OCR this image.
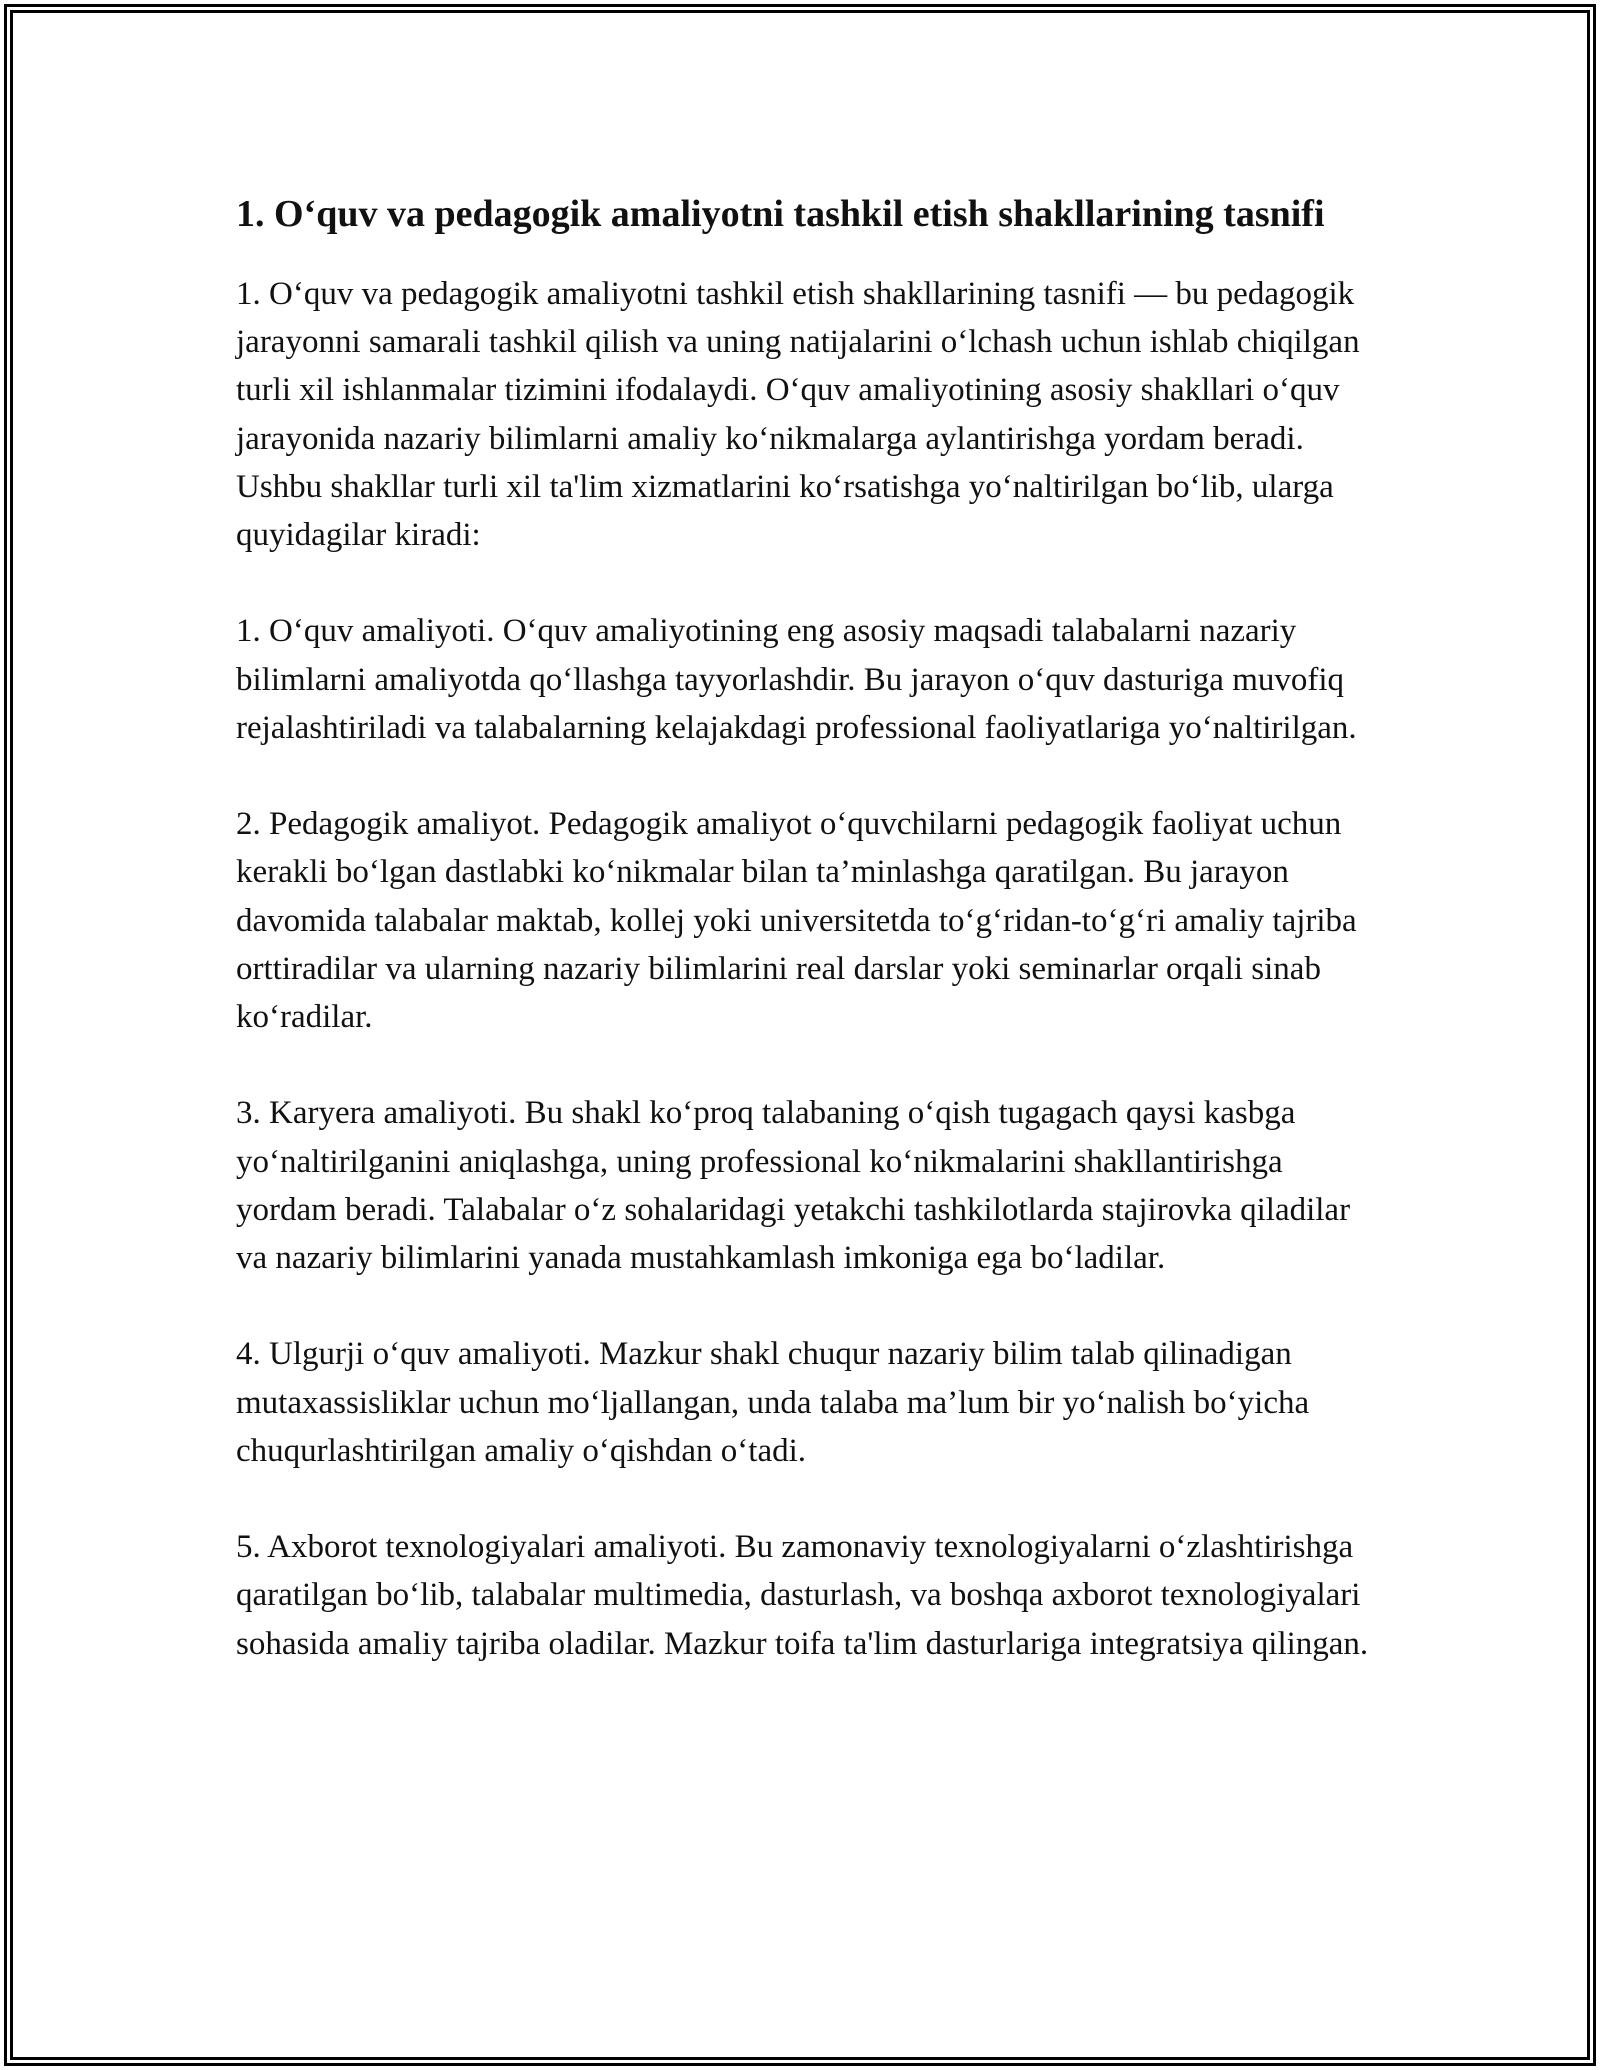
1. O‘quv va pedagogik amaliyotni tashkil etish shakllarining tasnifi

1. O‘quv va pedagogik amaliyotni tashkil etish shakllarining tasnifi — bu pedagogik jarayonni samarali tashkil qilish va uning natijalarini o‘lchash uchun ishlab chiqilgan turli xil ishlanmalar tizimini ifodalaydi. O‘quv amaliyotining asosiy shakllari o‘quv jarayonida nazariy bilimlarni amaliy ko‘nikmalarga aylantirishga yordam beradi. Ushbu shakllar turli xil ta'lim xizmatlarini ko‘rsatishga yo‘naltirilgan bo‘lib, ularga quyidagilar kiradi:

1. O‘quv amaliyoti. O‘quv amaliyotining eng asosiy maqsadi talabalarni nazariy bilimlarni amaliyotda qo‘llashga tayyorlashdir. Bu jarayon o‘quv dasturiga muvofiq rejalashtiriladi va talabalarning kelajakdagi professional faoliyatlariga yo‘naltirilgan.

2. Pedagogik amaliyot. Pedagogik amaliyot o‘quvchilarni pedagogik faoliyat uchun kerakli bo‘lgan dastlabki ko‘nikmalar bilan ta’minlashga qaratilgan. Bu jarayon davomida talabalar maktab, kollej yoki universitetda to‘g‘ridan-to‘g‘ri amaliy tajriba orttiradilar va ularning nazariy bilimlarini real darslar yoki seminarlar orqali sinab ko‘radilar.

3. Karyera amaliyoti. Bu shakl ko‘proq talabaning o‘qish tugagach qaysi kasbga yo‘naltirilganini aniqlashga, uning professional ko‘nikmalarini shakllantirishga yordam beradi. Talabalar o‘z sohalaridagi yetakchi tashkilotlarda stajirovka qiladilar va nazariy bilimlarini yanada mustahkamlash imkoniga ega bo‘ladilar.

4. Ulgurji o‘quv amaliyoti. Mazkur shakl chuqur nazariy bilim talab qilinadigan mutaxassisliklar uchun mo‘ljallangan, unda talaba ma’lum bir yo‘nalish bo‘yicha chuqurlashtirilgan amaliy o‘qishdan o‘tadi.

5. Axborot texnologiyalari amaliyoti. Bu zamonaviy texnologiyalarni o‘zlashtirishga qaratilgan bo‘lib, talabalar multimedia, dasturlash, va boshqa axborot texnologiyalari sohasida amaliy tajriba oladilar. Mazkur toifa ta'lim dasturlariga integratsiya qilingan.
